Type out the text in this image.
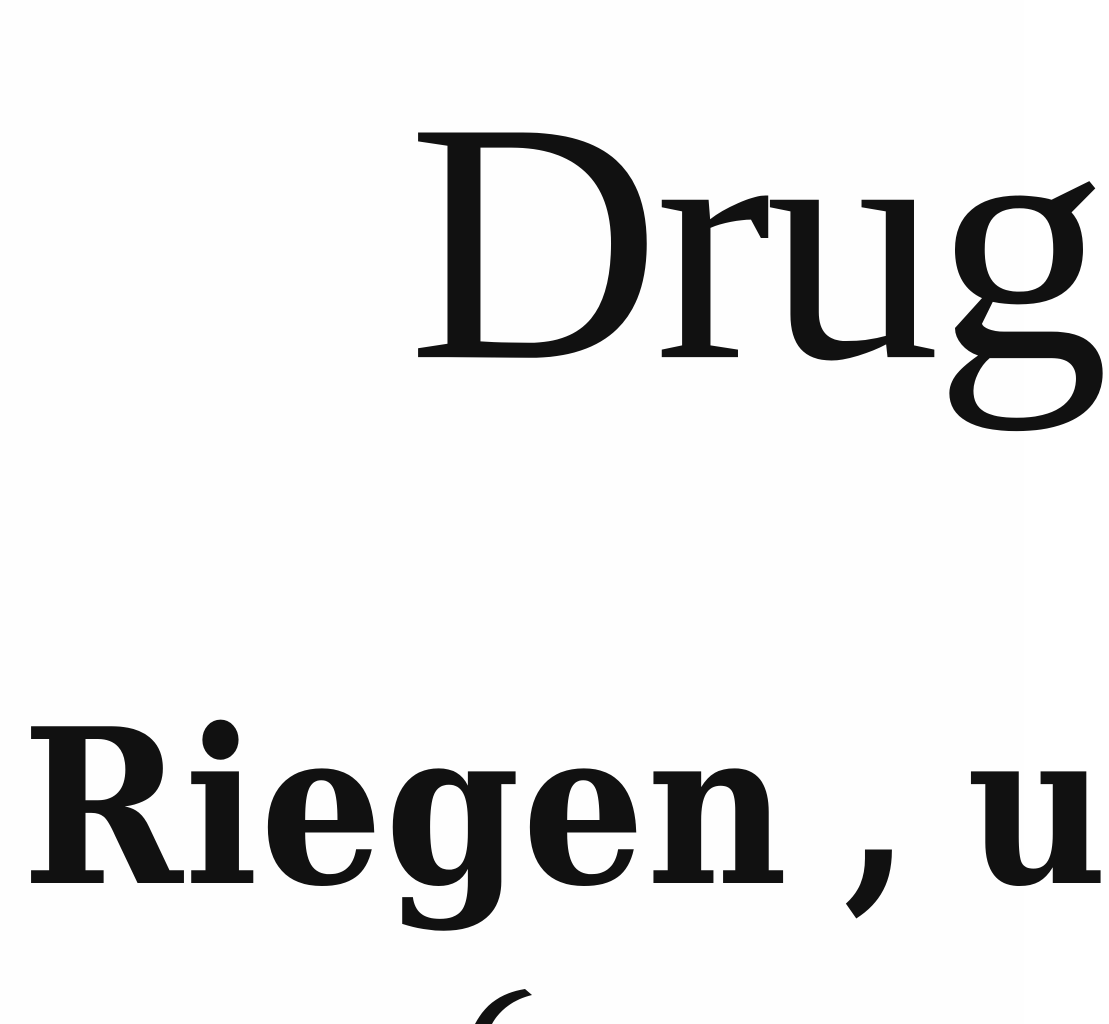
Drug
Riegen , u
